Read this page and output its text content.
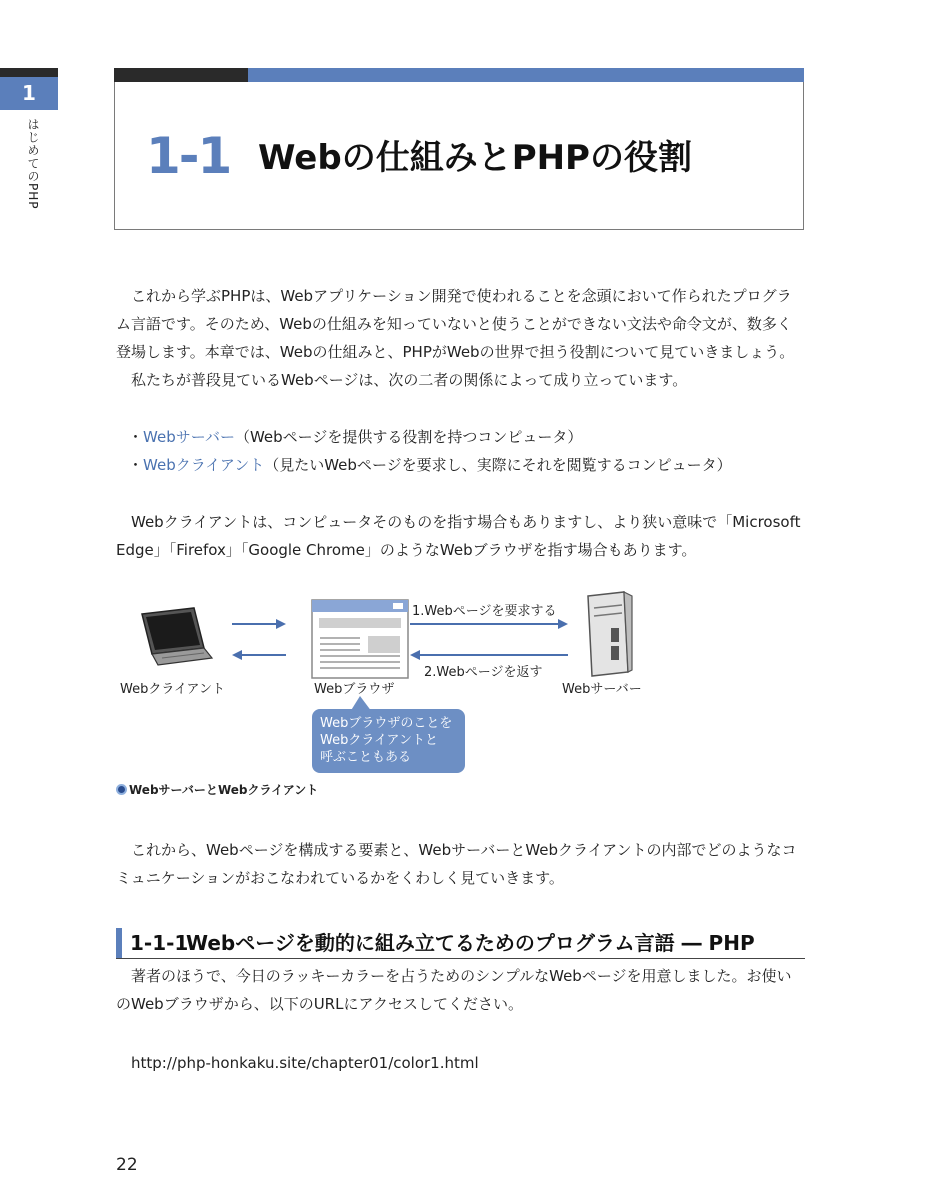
1
はじめてのPHP 1-1 Webの仕組みとPHPの役割

これから学ぶPHPは、Webアプリケーション開発で使われることを念頭において作られたプログラム言語です。そのため、Webの仕組みを知っていないと使うことができない文法や命令文が、数多く登場します。本章では、Webの仕組みと、PHPがWebの世界で担う役割について見ていきましょう。

私たちが普段見ているWebページは、次の二者の関係によって成り立っています。

・Webサーバー（Webページを提供する役割を持つコンピュータ）
・Webクライアント（見たいWebページを要求し、実際にそれを閲覧するコンピュータ）

Webクライアントは、コンピュータそのものを指す場合もありますし、より狭い意味で「Microsoft Edge」「Firefox」「Google Chrome」のようなWebブラウザを指す場合もあります。

1.Webページを要求する
2.Webページを返す
Webクライアント	Webブラウザ	Webサーバー
Webブラウザのことを
Webクライアントと
呼ぶこともある
WebサーバーとWebクライアント

これから、Webページを構成する要素と、WebサーバーとWebクライアントの内部でどのようなコミュニケーションがおこなわれているかをくわしく見ていきます。

1-1-1
Webページを動的に組み立てるためのプログラム言語 ― PHP

著者のほうで、今日のラッキーカラーを占うためのシンプルなWebページを用意しました。お使いのWebブラウザから、以下のURLにアクセスしてください。

http://php-honkaku.site/chapter01/color1.html
22
